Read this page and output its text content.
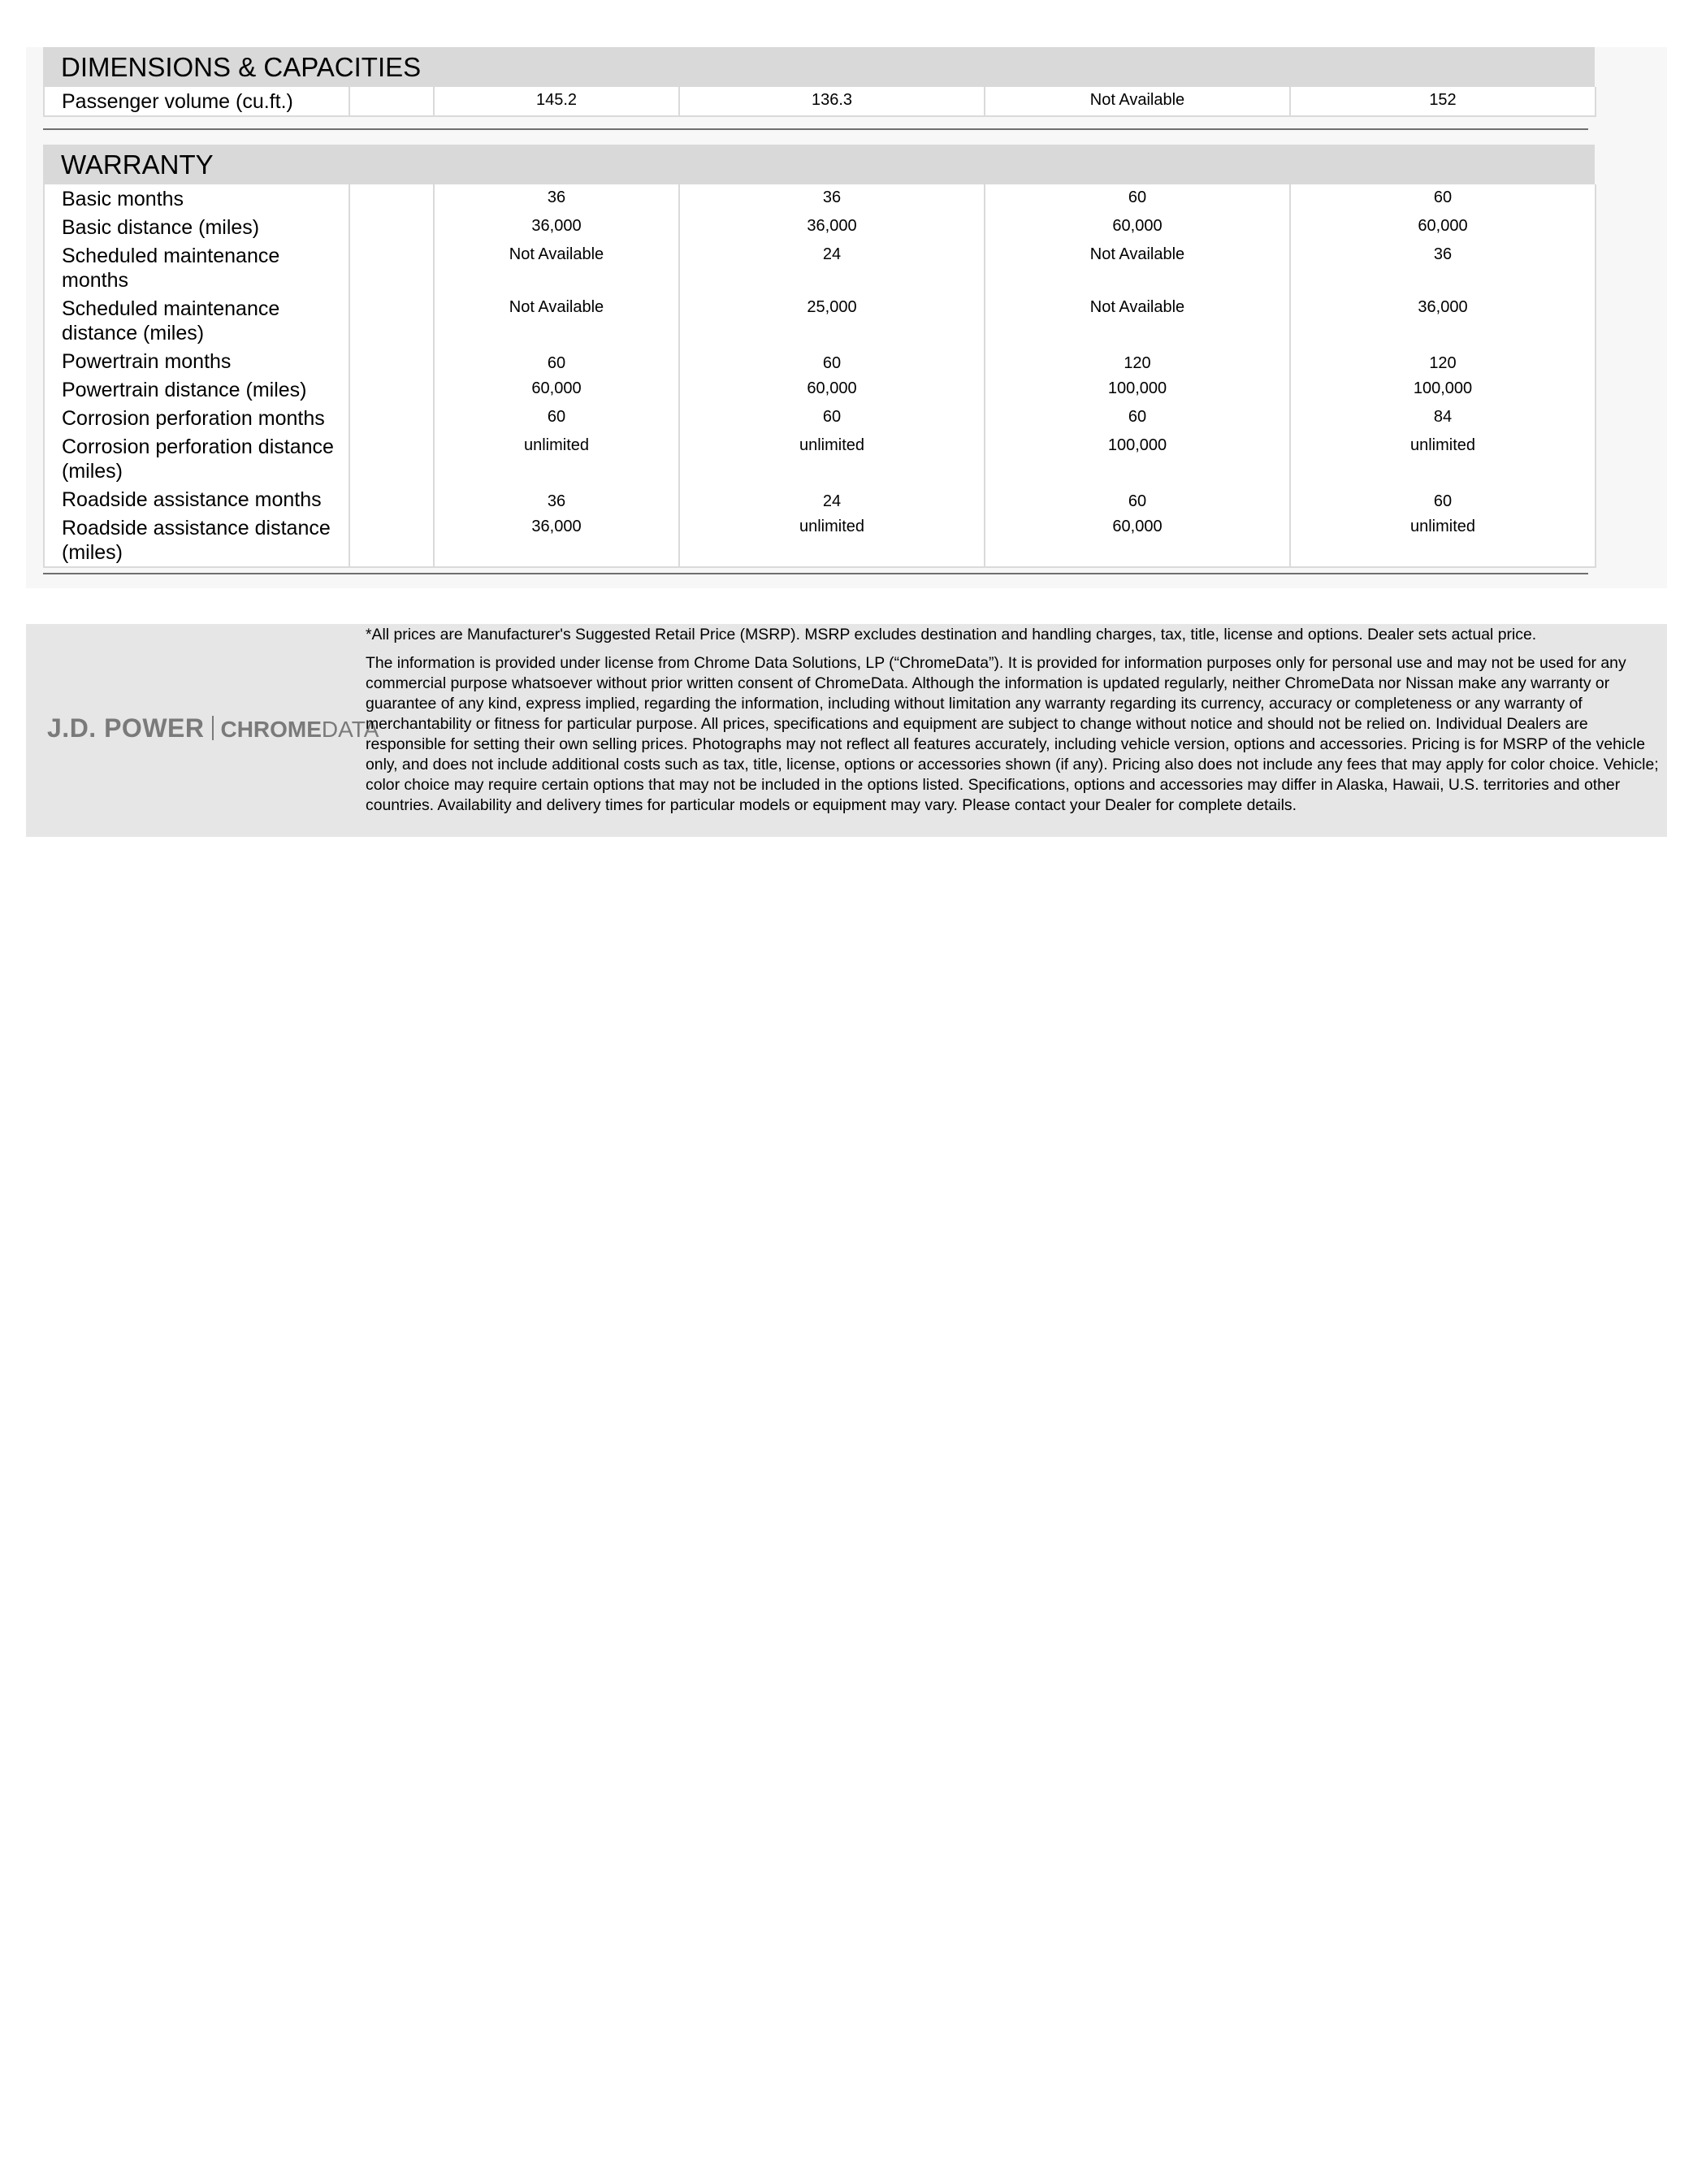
DIMENSIONS & CAPACITIES
Passenger volume (cu.ft.)		145.2	136.3	Not Available	152
WARRANTY
Basic months		36	36	60	60
Basic distance (miles)		36,000	36,000	60,000	60,000
Scheduled maintenance months		Not Available	24	Not Available	36
Scheduled maintenance distance (miles)		Not Available	25,000	Not Available	36,000
Powertrain months		60	60	120	120
Powertrain distance (miles)		60,000	60,000	100,000	100,000
Corrosion perforation months		60	60	60	84
Corrosion perforation distance (miles)		unlimited	unlimited	100,000	unlimited
Roadside assistance months		36	24	60	60
Roadside assistance distance (miles)		36,000	unlimited	60,000	unlimited
J.D. POWER CHROMEDATA

*All prices are Manufacturer's Suggested Retail Price (MSRP). MSRP excludes destination and handling charges, tax, title, license and options. Dealer sets actual price.

The information is provided under license from Chrome Data Solutions, LP (“ChromeData”). It is provided for information purposes only for personal use and may not be used for any commercial purpose whatsoever without prior written consent of ChromeData. Although the information is updated regularly, neither ChromeData nor Nissan make any warranty or guarantee of any kind, express implied, regarding the information, including without limitation any warranty regarding its currency, accuracy or completeness or any warranty of merchantability or fitness for particular purpose. All prices, specifications and equipment are subject to change without notice and should not be relied on. Individual Dealers are responsible for setting their own selling prices. Photographs may not reflect all features accurately, including vehicle version, options and accessories. Pricing is for MSRP of the vehicle only, and does not include additional costs such as tax, title, license, options or accessories shown (if any). Pricing also does not include any fees that may apply for color choice. Vehicle; color choice may require certain options that may not be included in the options listed. Specifications, options and accessories may differ in Alaska, Hawaii, U.S. territories and other countries. Availability and delivery times for particular models or equipment may vary. Please contact your Dealer for complete details.
